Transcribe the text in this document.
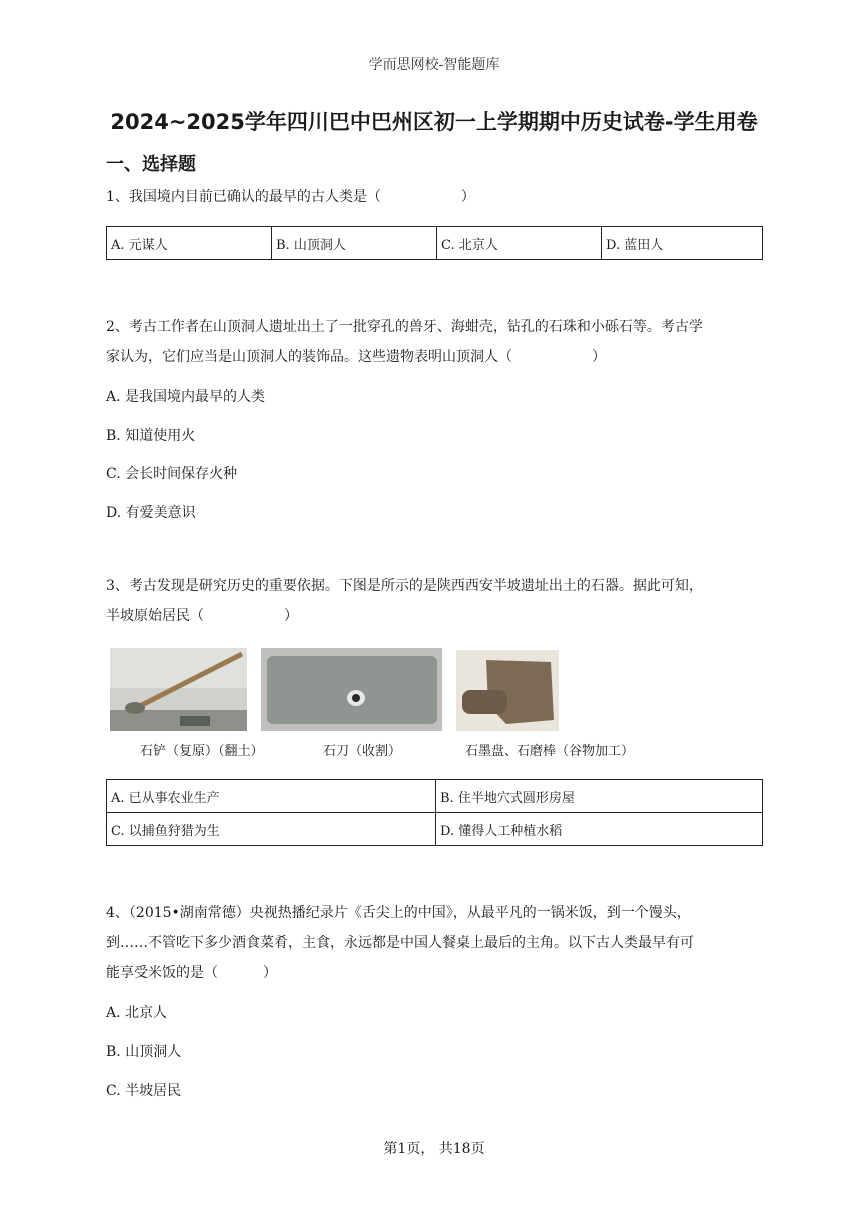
学而思网校-智能题库
2024~2025学年四川巴中巴州区初一上学期期中历史试卷-学生用卷
一、选择题
1、我国境内目前已确认的最早的古人类是（	）
A. 元谋人	B. 山顶洞人	C. 北京人	D. 蓝田人
2、考古工作者在山顶洞人遗址出土了一批穿孔的兽牙、海蚶壳，钻孔的石珠和小砾石等。考古学
家认为，它们应当是山顶洞人的装饰品。这些遗物表明山顶洞人（	）
A. 是我国境内最早的人类
B. 知道使用火
C. 会长时间保存火种
D. 有爱美意识
3、考古发现是研究历史的重要依据。下图是所示的是陕西西安半坡遗址出土的石器。据此可知，
半坡原始居民（	）
石铲（复原）（翻土）	石刀（收割）	石墨盘、石磨棒（谷物加工）
A. 已从事农业生产	B. 住半地穴式圆形房屋
C. 以捕鱼狩猎为生	D. 懂得人工种植水稻
4、（2015•湖南常德）央视热播纪录片《舌尖上的中国》，从最平凡的一锅米饭，到一个馒头，
到……不管吃下多少酒食菜肴，主食，永远都是中国人餐桌上最后的主角。以下古人类最早有可
能享受米饭的是（	）
A. 北京人
B. 山顶洞人
C. 半坡居民
第1页， 共18页
